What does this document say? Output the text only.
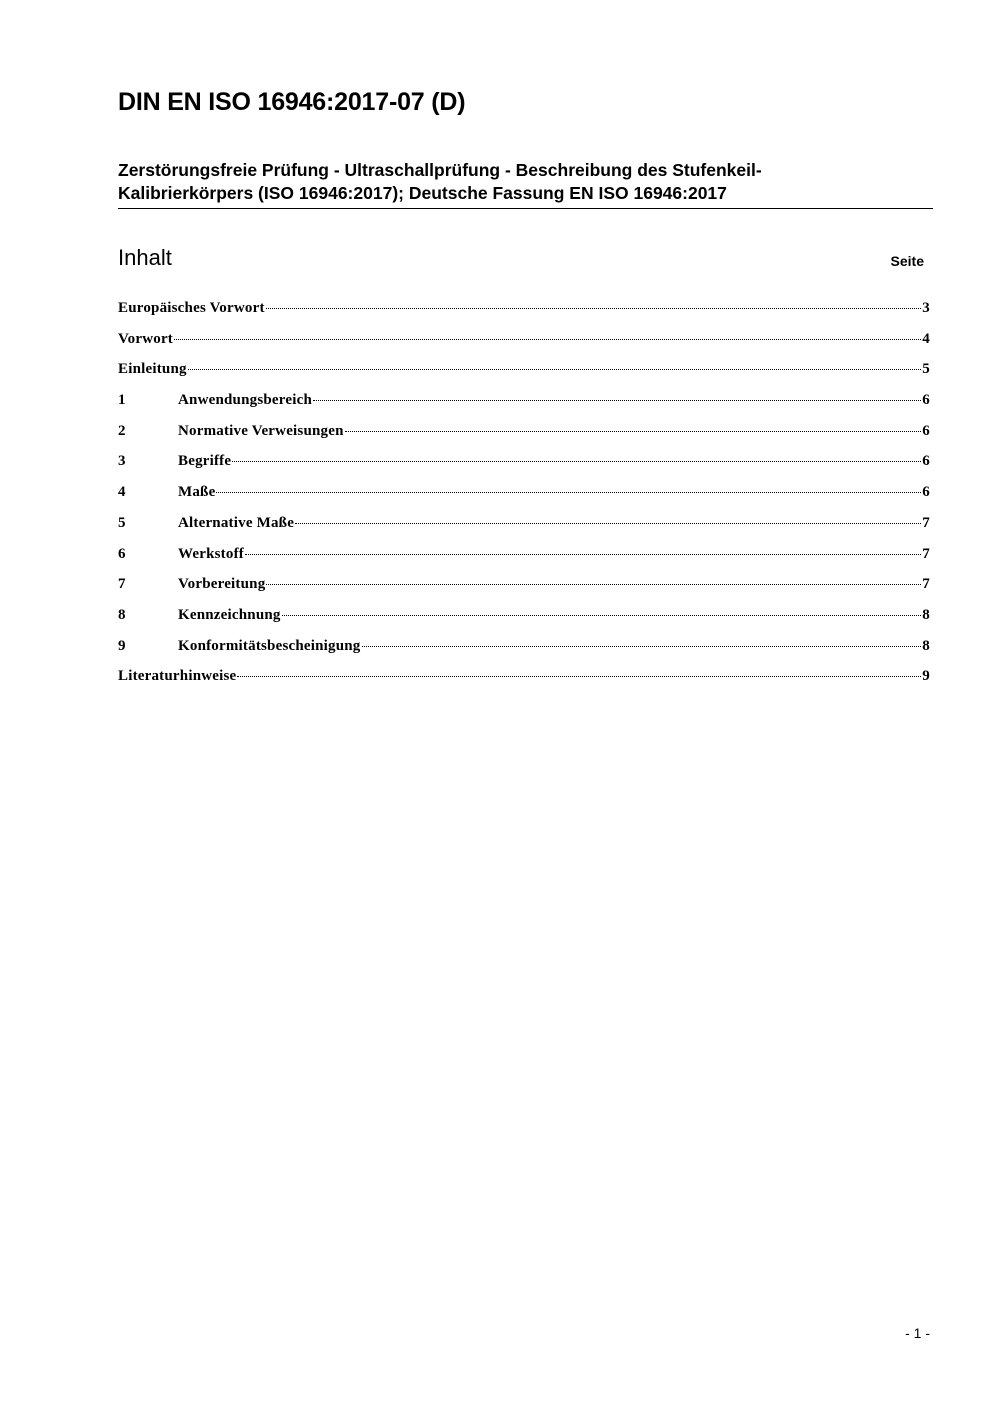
DIN EN ISO 16946:2017-07 (D)
Zerstörungsfreie Prüfung - Ultraschallprüfung - Beschreibung des Stufenkeil-
Kalibrierkörpers (ISO 16946:2017); Deutsche Fassung EN ISO 16946:2017
Inhalt	Seite
Europäisches Vorwort	3
Vorwort	4
Einleitung	5
1	Anwendungsbereich	6
2	Normative Verweisungen	6
3	Begriffe	6
4	Maße	6
5	Alternative Maße	7
6	Werkstoff	7
7	Vorbereitung	7
8	Kennzeichnung	8
9	Konformitätsbescheinigung	8
Literaturhinweise	9
- 1 -
